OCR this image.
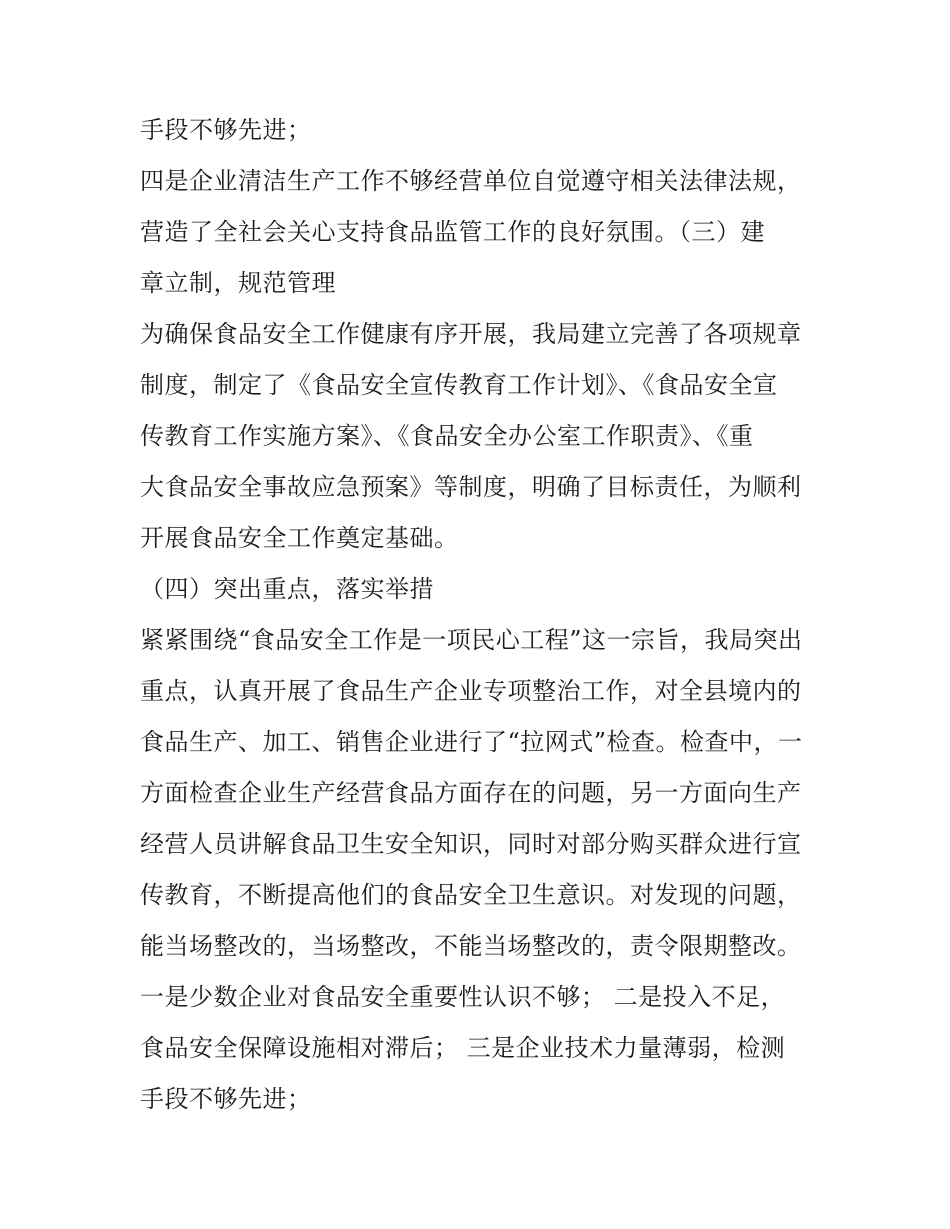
手段不够先进；
四是企业清洁生产工作不够经营单位自觉遵守相关法律法规，
营造了全社会关心支持食品监管工作的良好氛围。（三）建
章立制，规范管理
为确保食品安全工作健康有序开展，我局建立完善了各项规章
制度，制定了《食品安全宣传教育工作计划》、《食品安全宣
传教育工作实施方案》、《食品安全办公室工作职责》、《重
大食品安全事故应急预案》等制度，明确了目标责任，为顺利
开展食品安全工作奠定基础。
（四）突出重点，落实举措
紧紧围绕“食品安全工作是一项民心工程”这一宗旨，我局突出
重点，认真开展了食品生产企业专项整治工作，对全县境内的
食品生产、加工、销售企业进行了“拉网式”检查。检查中，一
方面检查企业生产经营食品方面存在的问题，另一方面向生产
经营人员讲解食品卫生安全知识，同时对部分购买群众进行宣
传教育，不断提高他们的食品安全卫生意识。对发现的问题，
能当场整改的，当场整改，不能当场整改的，责令限期整改。
一是少数企业对食品安全重要性认识不够； 二是投入不足，
食品安全保障设施相对滞后； 三是企业技术力量薄弱，检测
手段不够先进；
